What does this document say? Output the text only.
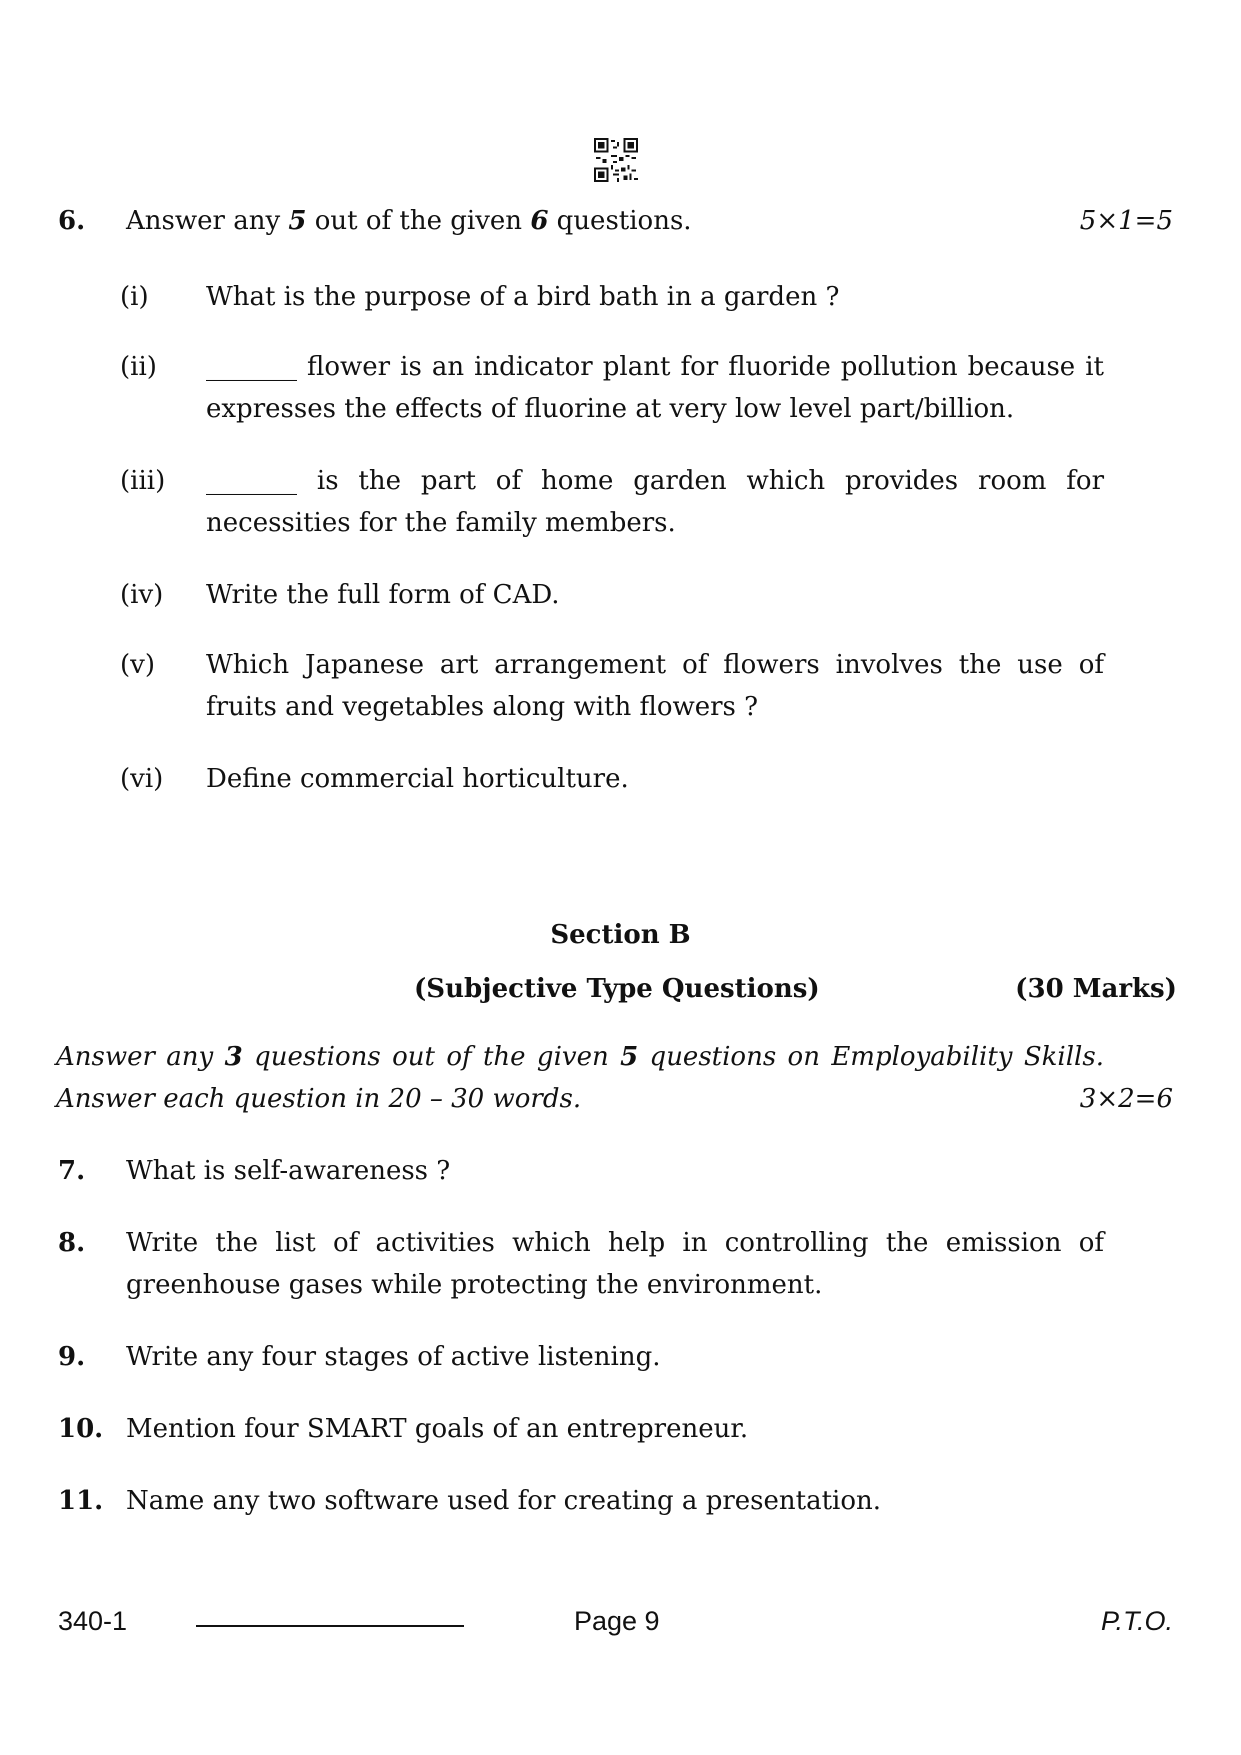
6. Answer any 5 out of the given 6 questions.	5×1=5
(i) What is the purpose of a bird bath in a garden ?
(ii) _______ flower is an indicator plant for fluoride pollution because it expresses the effects of fluorine at very low level part/billion.
(iii) _______ is the part of home garden which provides room for necessities for the family members.
(iv) Write the full form of CAD.
(v) Which Japanese art arrangement of flowers involves the use of fruits and vegetables along with flowers ?
(vi) Define commercial horticulture.
Section B
(Subjective Type Questions)	(30 Marks)
Answer any 3 questions out of the given 5 questions on Employability Skills.
Answer each question in 20 – 30 words.	3×2=6
7. What is self-awareness ?
8. Write the list of activities which help in controlling the emission of greenhouse gases while protecting the environment.
9. Write any four stages of active listening.
10. Mention four SMART goals of an entrepreneur.
11. Name any two software used for creating a presentation.
340-1	Page 9	P.T.O.
